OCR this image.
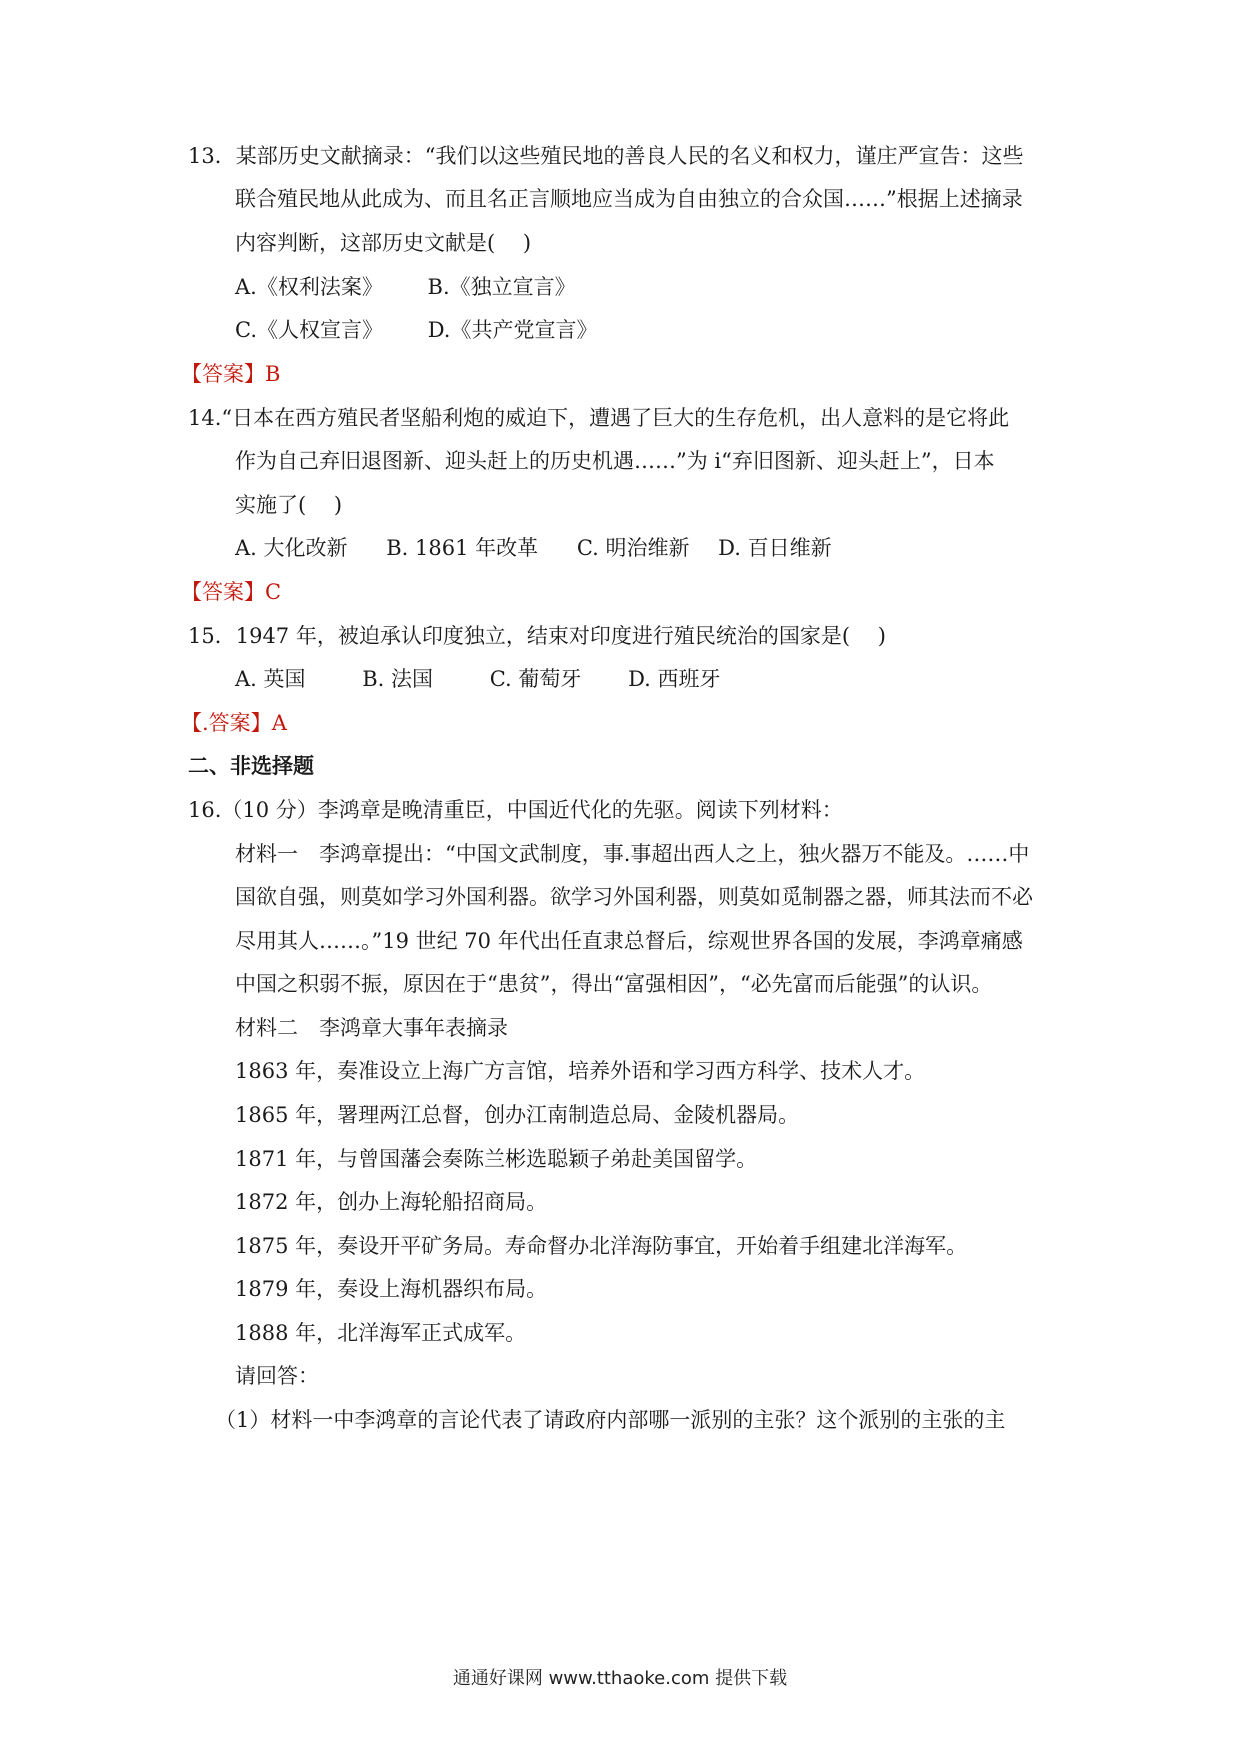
13．某部历史文献摘录：“我们以这些殖民地的善良人民的名义和权力，谨庄严宣告：这些
联合殖民地从此成为、而且名正言顺地应当成为自由独立的合众国……”根据上述摘录
内容判断，这部历史文献是(　 )
A.《权利法案》 B.《独立宣言》
C.《人权宣言》 D.《共产党宣言》
【答案】B
14.“日本在西方殖民者坚船利炮的威迫下，遭遇了巨大的生存危机，出人意料的是它将此
作为自己弃旧退图新、迎头赶上的历史机遇……”为 i“弃旧图新、迎头赶上”，日本
实施了(　 )
A. 大化改新 B. 1861 年改革 C. 明治维新 D. 百日维新
【答案】C
15．1947 年，被迫承认印度独立，结束对印度进行殖民统治的国家是(　 )
A. 英国	B. 法国	C. 葡萄牙 D. 西班牙
【.答案】A
二、非选择题
16.（10 分）李鸿章是晚清重臣，中国近代化的先驱。阅读下列材料：
材料一　李鸿章提出：“中国文武制度，事.事超出西人之上，独火器万不能及。……中
国欲自强，则莫如学习外国利器。欲学习外国利器，则莫如觅制器之器，师其法而不必
尽用其人……。”19 世纪 70 年代出任直隶总督后，综观世界各国的发展，李鸿章痛感
中国之积弱不振，原因在于“患贫”，得出“富强相因”，“必先富而后能强”的认识。
材料二　李鸿章大事年表摘录
1863 年，奏准设立上海广方言馆，培养外语和学习西方科学、技术人才。
1865 年，署理两江总督，创办江南制造总局、金陵机器局。
1871 年，与曾国藩会奏陈兰彬选聪颖子弟赴美国留学。
1872 年，创办上海轮船招商局。
1875 年，奏设开平矿务局。寿命督办北洋海防事宜，开始着手组建北洋海军。
1879 年，奏设上海机器织布局。
1888 年，北洋海军正式成军。
请回答：
（1）材料一中李鸿章的言论代表了请政府内部哪一派别的主张？这个派别的主张的主
通通好课网 www.tthaoke.com 提供下载
